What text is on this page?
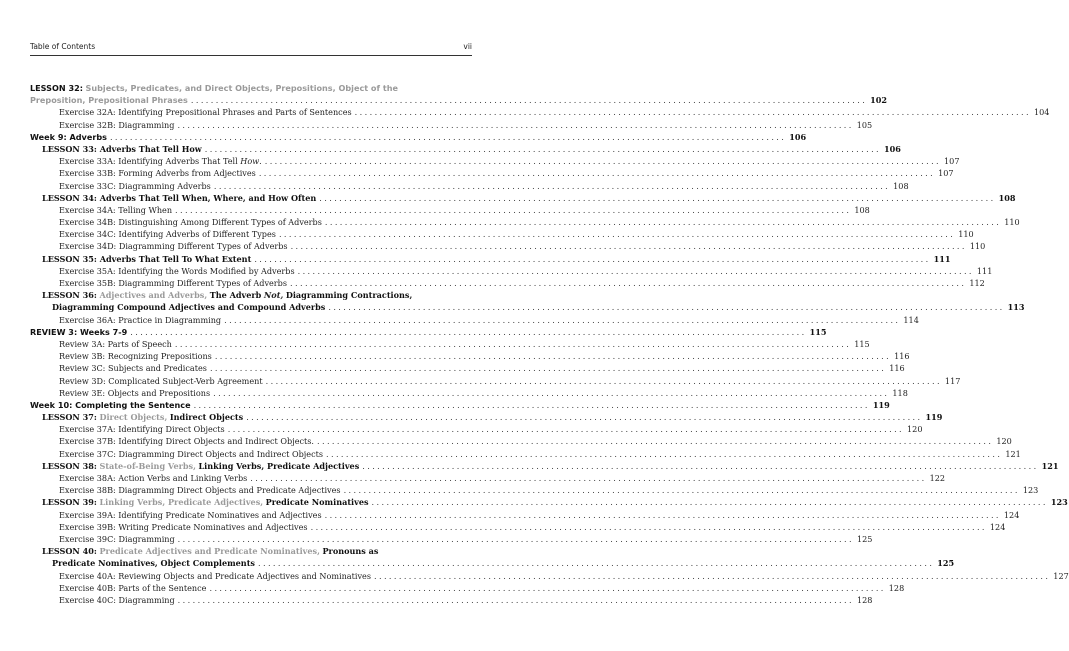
Table of Contents	vii
LESSON 32: Subjects, Predicates, and Direct Objects, Prepositions, Object of the
Preposition, Prepositional Phrases ........................................................................................................................................ 102
Exercise 32A: Identifying Prepositional Phrases and Parts of Sentences ........................................................................................................................................ 104
Exercise 32B: Diagramming ........................................................................................................................................ 105
Week 9: Adverbs ........................................................................................................................................ 106
LESSON 33: Adverbs That Tell How ........................................................................................................................................ 106
Exercise 33A: Identifying Adverbs That Tell How. ........................................................................................................................................ 107
Exercise 33B: Forming Adverbs from Adjectives ........................................................................................................................................ 107
Exercise 33C: Diagramming Adverbs ........................................................................................................................................ 108
LESSON 34: Adverbs That Tell When, Where, and How Often ........................................................................................................................................ 108
Exercise 34A: Telling When ........................................................................................................................................ 108
Exercise 34B: Distinguishing Among Different Types of Adverbs ........................................................................................................................................ 110
Exercise 34C: Identifying Adverbs of Different Types ........................................................................................................................................ 110
Exercise 34D: Diagramming Different Types of Adverbs ........................................................................................................................................ 110
LESSON 35: Adverbs That Tell To What Extent ........................................................................................................................................ 111
Exercise 35A: Identifying the Words Modified by Adverbs ........................................................................................................................................ 111
Exercise 35B: Diagramming Different Types of Adverbs ........................................................................................................................................ 112
LESSON 36: Adjectives and Adverbs, The Adverb Not, Diagramming Contractions,
Diagramming Compound Adjectives and Compound Adverbs ........................................................................................................................................ 113
Exercise 36A: Practice in Diagramming ........................................................................................................................................ 114
REVIEW 3: Weeks 7-9 ........................................................................................................................................ 115
Review 3A: Parts of Speech ........................................................................................................................................ 115
Review 3B: Recognizing Prepositions ........................................................................................................................................ 116
Review 3C: Subjects and Predicates ........................................................................................................................................ 116
Review 3D: Complicated Subject-Verb Agreement ........................................................................................................................................ 117
Review 3E: Objects and Prepositions ........................................................................................................................................ 118
Week 10: Completing the Sentence ........................................................................................................................................ 119
LESSON 37: Direct Objects, Indirect Objects ........................................................................................................................................ 119
Exercise 37A: Identifying Direct Objects ........................................................................................................................................ 120
Exercise 37B: Identifying Direct Objects and Indirect Objects. ........................................................................................................................................ 120
Exercise 37C: Diagramming Direct Objects and Indirect Objects ........................................................................................................................................ 121
LESSON 38: State-of-Being Verbs, Linking Verbs, Predicate Adjectives ........................................................................................................................................ 121
Exercise 38A: Action Verbs and Linking Verbs ........................................................................................................................................ 122
Exercise 38B: Diagramming Direct Objects and Predicate Adjectives ........................................................................................................................................ 123
LESSON 39: Linking Verbs, Predicate Adjectives, Predicate Nominatives ........................................................................................................................................ 123
Exercise 39A: Identifying Predicate Nominatives and Adjectives ........................................................................................................................................ 124
Exercise 39B: Writing Predicate Nominatives and Adjectives ........................................................................................................................................ 124
Exercise 39C: Diagramming ........................................................................................................................................ 125
LESSON 40: Predicate Adjectives and Predicate Nominatives, Pronouns as
Predicate Nominatives, Object Complements ........................................................................................................................................ 125
Exercise 40A: Reviewing Objects and Predicate Adjectives and Nominatives ........................................................................................................................................ 127
Exercise 40B: Parts of the Sentence ........................................................................................................................................ 128
Exercise 40C: Diagramming ........................................................................................................................................ 128
